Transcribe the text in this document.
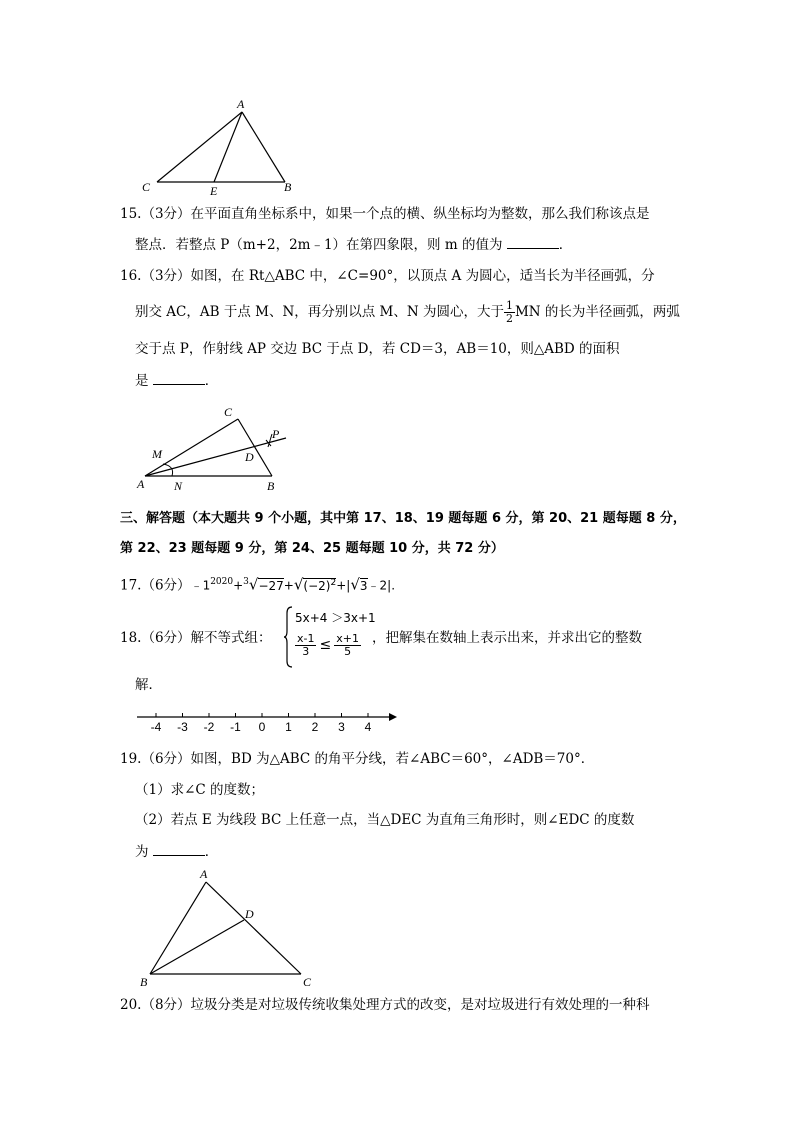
A
C	E	B
15.（3分）在平面直角坐标系中，如果一个点的横、纵坐标均为整数，那么我们称该点是
整点．若整点 P（m+2，2m﹣1）在第四象限，则 m 的值为	．
16.（3分）如图，在 Rt△ABC 中，∠C=90°，以顶点 A 为圆心，适当长为半径画弧，分
别交 AC，AB 于点 M、N，再分别以点 M、N 为圆心，大于 $\frac{1}{2}$ MN 的长为半径画弧，两弧
交于点 P，作射线 AP 交边 BC 于点 D，若 CD＝3，AB＝10，则△ABD 的面积
是	．
C
M
P
D
A N	B
三、解答题（本大题共 9 个小题，其中第 17、18、19 题每题 6 分，第 20、21 题每题 8 分，
第 22、23 题每题 9 分，第 24、25 题每题 10 分，共 72 分）
17.（6分）$﹣1^{2020}+^3√-27+√(-2)^2+|√3﹣2|$.
18.（6分）解不等式组：
5x+4 ＞3x+1
$\frac{x-1}{3} \le \frac{x+1}{5}$ ，把解集在数轴上表示出来，并求出它的整数
解．
-4 -3 -2 -1 0 1 2 3 4
19.（6分）如图，BD 为△ABC 的角平分线，若∠ABC＝60°，∠ADB＝70°．
（1）求∠C 的度数；
（2）若点 E 为线段 BC 上任意一点，当△DEC 为直角三角形时，则∠EDC 的度数
为	．
A
D
B	C
20.（8分）垃圾分类是对垃圾传统收集处理方式的改变，是对垃圾进行有效处理的一种科
